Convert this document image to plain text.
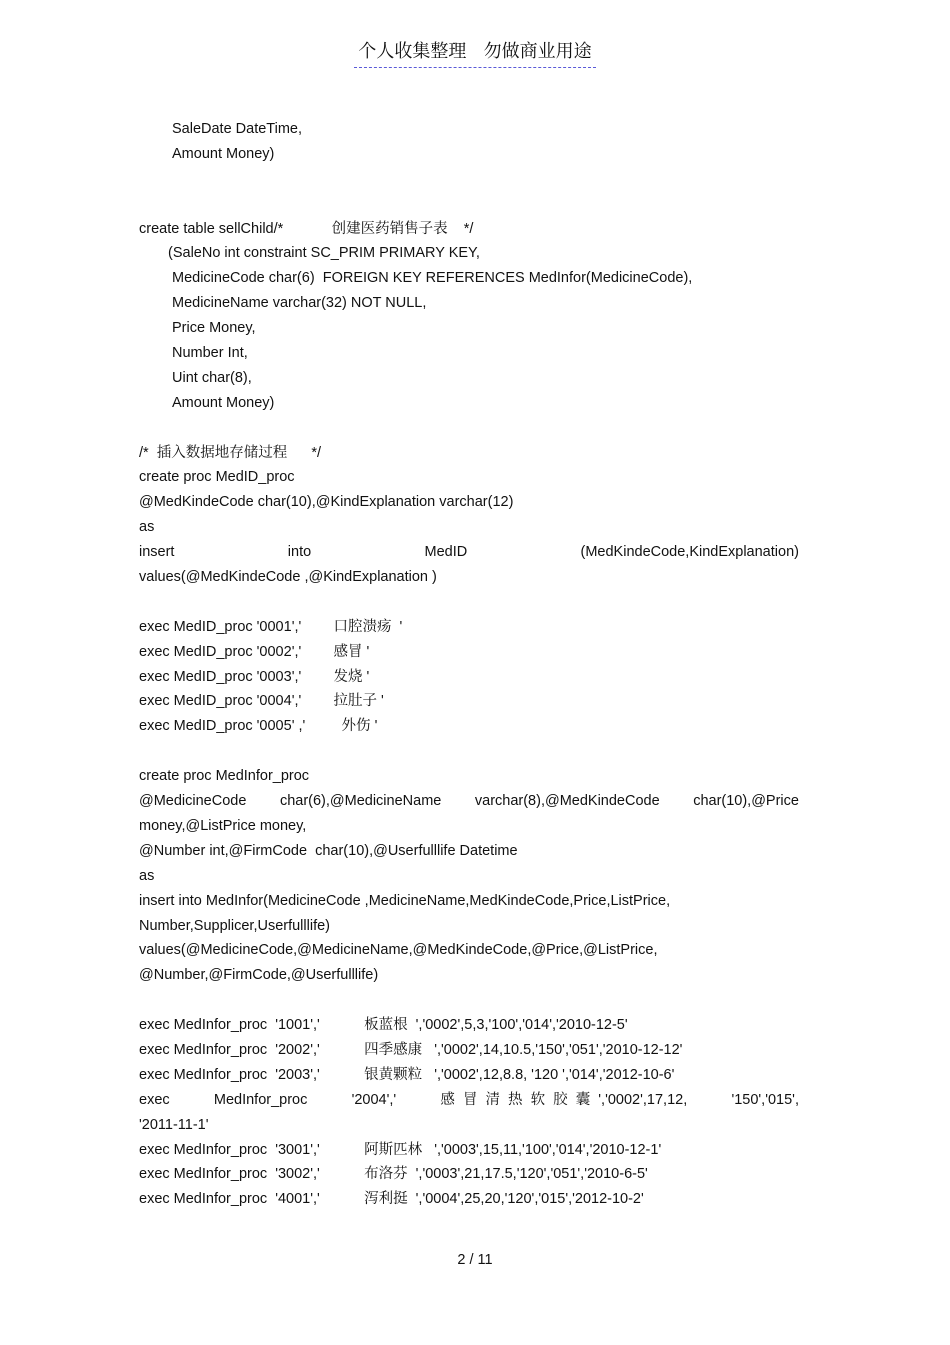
个人收集整理   勿做商业用途
SaleDate DateTime,
Amount Money)
create table sellChild/*            创建医药销售子表    */
(SaleNo int constraint SC_PRIM PRIMARY KEY,
MedicineCode char(6)  FOREIGN KEY REFERENCES MedInfor(MedicineCode),
MedicineName varchar(32) NOT NULL,
Price Money,
Number Int,
Uint char(8),
Amount Money)
/*  插入数据地存储过程      */
create proc MedID_proc
@MedKindeCode char(10),@KindExplanation varchar(12)
as
insert	into	MedID	(MedKindeCode,KindExplanation)
values(@MedKindeCode ,@KindExplanation )
exec MedID_proc '0001','        口腔溃疡  '
exec MedID_proc '0002','        感冒 '
exec MedID_proc '0003','        发烧 '
exec MedID_proc '0004','        拉肚子 '
exec MedID_proc '0005' ,'         外伤 '
create proc MedInfor_proc
@MedicineCode char(6),@MedicineName varchar(8),@MedKindeCode char(10),@Price
money,@ListPrice money,
@Number int,@FirmCode  char(10),@Userfulllife Datetime
as
insert into MedInfor(MedicineCode ,MedicineName,MedKindeCode,Price,ListPrice,
Number,Supplicer,Userfulllife)
values(@MedicineCode,@MedicineName,@MedKindeCode,@Price,@ListPrice,
@Number,@FirmCode,@Userfulllife)
exec MedInfor_proc  '1001','           板蓝根  ','0002',5,3,'100','014','2010-12-5'
exec MedInfor_proc  '2002','           四季感康   ','0002',14,10.5,'150','051','2010-12-12'
exec MedInfor_proc  '2003','           银黄颗粒   ','0002',12,8.8, '120 ','014','2012-10-6'
exec	MedInfor_proc	'2004','	感  冒  清  热  软  胶  囊  ','0002',17,12,	'150','015',
'2011-11-1'
exec MedInfor_proc  '3001','           阿斯匹林   ','0003',15,11,'100','014','2010-12-1'
exec MedInfor_proc  '3002','           布洛芬  ','0003',21,17.5,'120','051','2010-6-5'
exec MedInfor_proc  '4001','           泻利挺  ','0004',25,20,'120','015','2012-10-2'
2 / 11
